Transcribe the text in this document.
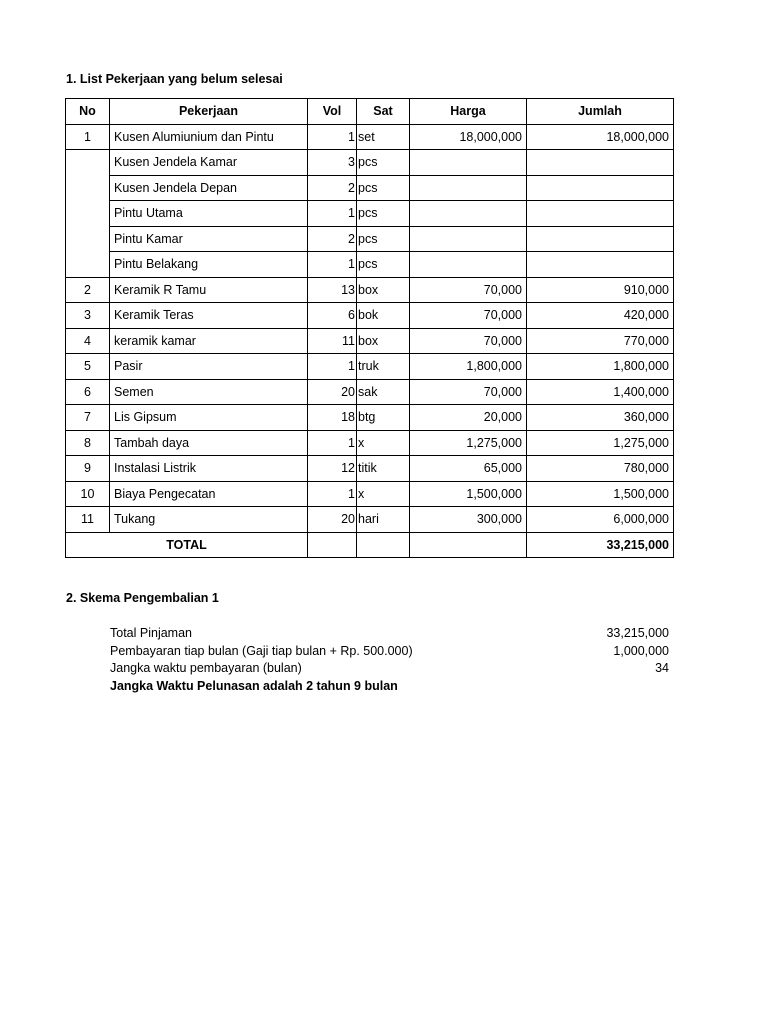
1. List Pekerjaan yang belum selesai
No	Pekerjaan	Vol	Sat	Harga	Jumlah
1	Kusen Alumiunium dan Pintu	1	set	18,000,000	18,000,000
	Kusen Jendela Kamar	3	pcs		
	Kusen Jendela Depan	2	pcs		
	Pintu Utama	1	pcs		
	Pintu Kamar	2	pcs		
	Pintu Belakang	1	pcs		
2	Keramik R Tamu	13	box	70,000	910,000
3	Keramik Teras	6	bok	70,000	420,000
4	keramik kamar	11	box	70,000	770,000
5	Pasir	1	truk	1,800,000	1,800,000
6	Semen	20	sak	70,000	1,400,000
7	Lis Gipsum	18	btg	20,000	360,000
8	Tambah daya	1	x	1,275,000	1,275,000
9	Instalasi Listrik	12	titik	65,000	780,000
10	Biaya Pengecatan	1	x	1,500,000	1,500,000
11	Tukang	20	hari	300,000	6,000,000
TOTAL					33,215,000
2. Skema Pengembalian 1
Total Pinjaman	33,215,000
Pembayaran tiap bulan (Gaji tiap bulan + Rp. 500.000)	1,000,000
Jangka waktu pembayaran (bulan)	34
Jangka Waktu Pelunasan adalah 2 tahun 9 bulan
